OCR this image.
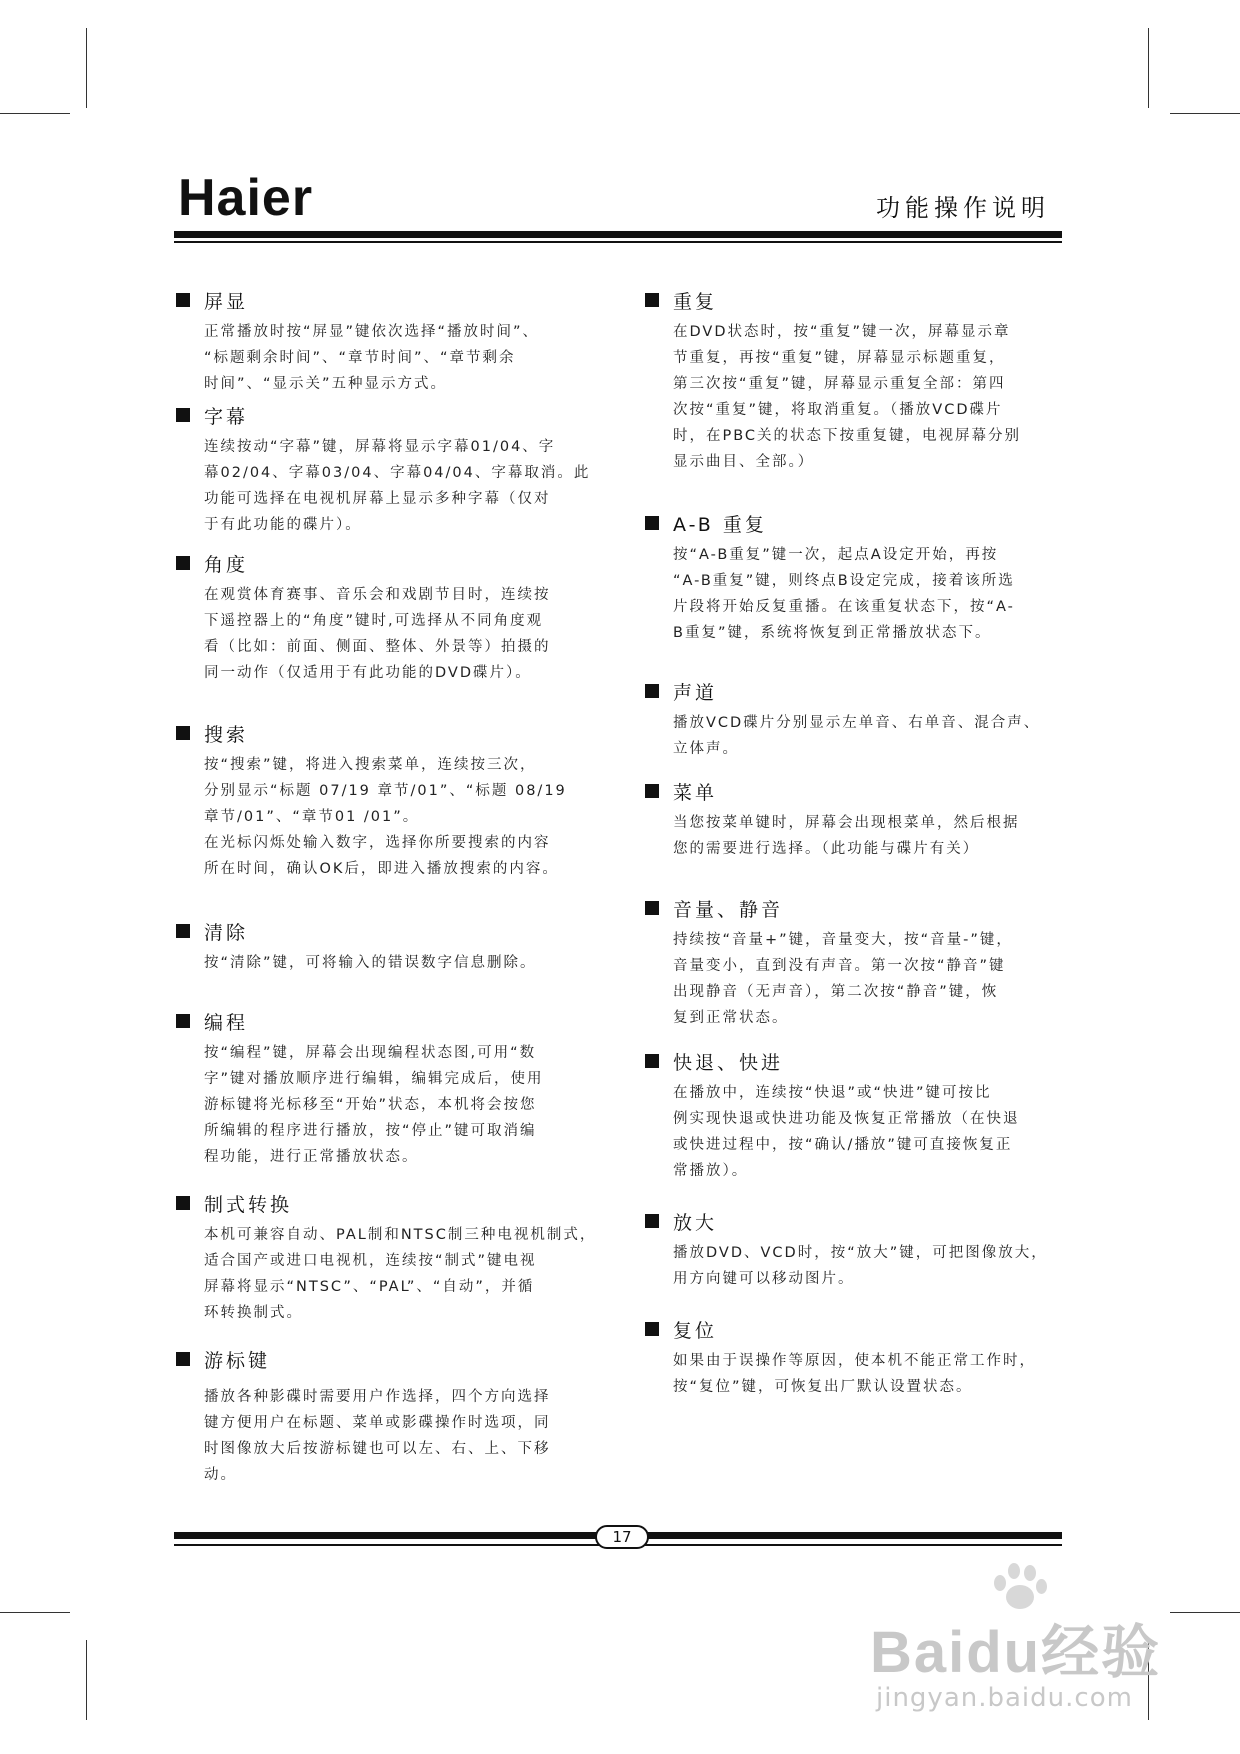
Haier	功能操作说明
屏显
正常播放时按“屏显”键依次选择“播放时间”、
“标题剩余时间”、“章节时间”、“章节剩余
时间”、“显示关”五种显示方式。
字幕
连续按动“字幕”键，屏幕将显示字幕01/04、字
幕02/04、字幕03/04、字幕04/04、字幕取消。此
功能可选择在电视机屏幕上显示多种字幕（仅对
于有此功能的碟片）。
角度
在观赏体育赛事、音乐会和戏剧节目时，连续按
下遥控器上的“角度”键时,可选择从不同角度观
看（比如：前面、侧面、整体、外景等）拍摄的
同一动作（仅适用于有此功能的DVD碟片）。
搜索
按“搜索”键，将进入搜索菜单，连续按三次，
分别显示“标题 07/19 章节/01”、“标题 08/19
章节/01”、“章节01 /01”。
在光标闪烁处输入数字，选择你所要搜索的内容
所在时间，确认OK后，即进入播放搜索的内容。
清除
按“清除”键，可将输入的错误数字信息删除。
编程
按“编程”键，屏幕会出现编程状态图,可用“数
字”键对播放顺序进行编辑，编辑完成后，使用
游标键将光标移至“开始”状态，本机将会按您
所编辑的程序进行播放，按“停止”键可取消编
程功能，进行正常播放状态。
制式转换
本机可兼容自动、PAL制和NTSC制三种电视机制式，
适合国产或进口电视机，连续按“制式”键电视
屏幕将显示“NTSC”、“PAL”、“自动”，并循
环转换制式。
游标键
播放各种影碟时需要用户作选择，四个方向选择
键方便用户在标题、菜单或影碟操作时选项，同
时图像放大后按游标键也可以左、右、上、下移
动。
重复
在DVD状态时，按“重复”键一次，屏幕显示章
节重复，再按“重复”键，屏幕显示标题重复，
第三次按“重复”键，屏幕显示重复全部：第四
次按“重复”键，将取消重复。（播放VCD碟片
时，在PBC关的状态下按重复键，电视屏幕分别
显示曲目、全部。）
A-B 重复
按“A-B重复”键一次，起点A设定开始，再按
“A-B重复”键，则终点B设定完成，接着该所选
片段将开始反复重播。在该重复状态下，按“A-
B重复”键，系统将恢复到正常播放状态下。
声道
播放VCD碟片分别显示左单音、右单音、混合声、
立体声。
菜单
当您按菜单键时，屏幕会出现根菜单，然后根据
您的需要进行选择。（此功能与碟片有关）
音量、静音
持续按“音量+”键，音量变大，按“音量-”键，
音量变小，直到没有声音。第一次按“静音”键
出现静音（无声音），第二次按“静音”键，恢
复到正常状态。
快退、快进
在播放中，连续按“快退”或“快进”键可按比
例实现快退或快进功能及恢复正常播放（在快退
或快进过程中，按“确认/播放”键可直接恢复正
常播放）。
放大
播放DVD、VCD时，按“放大”键，可把图像放大，
用方向键可以移动图片。
复位
如果由于误操作等原因，使本机不能正常工作时，
按“复位”键，可恢复出厂默认设置状态。
17
Baidu经验
jingyan.baidu.com
